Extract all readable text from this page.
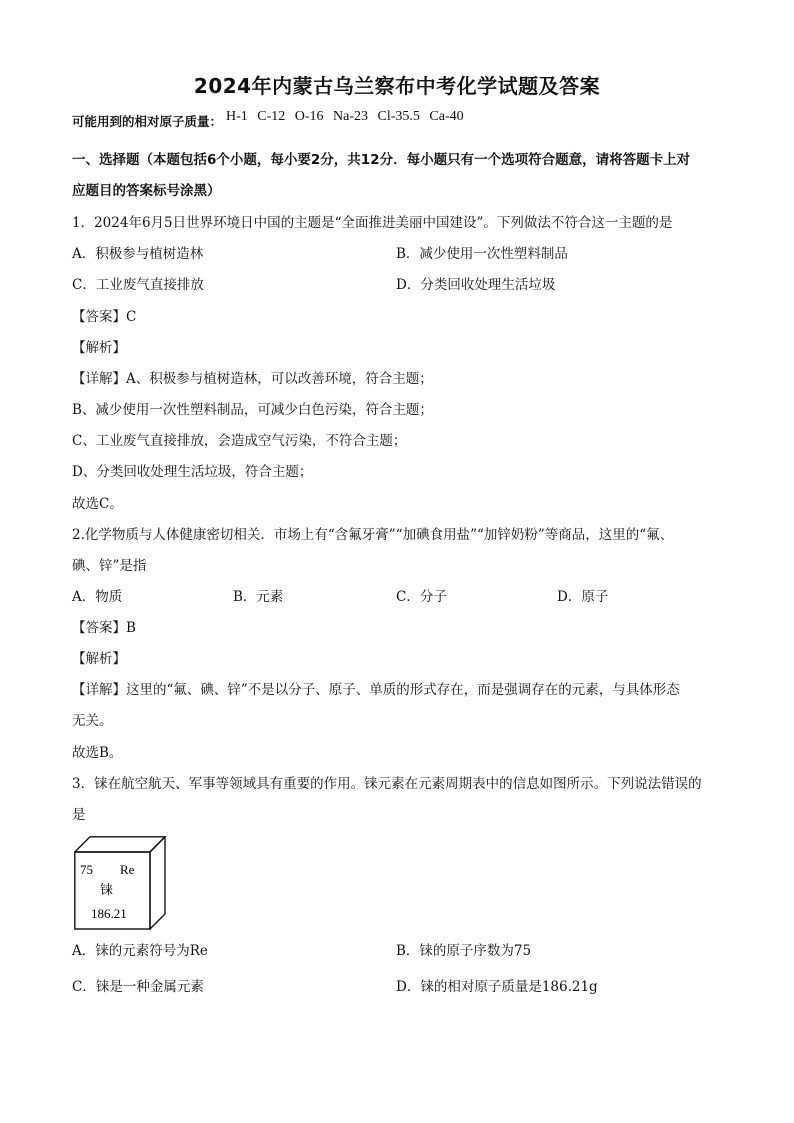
2024年内蒙古乌兰察布中考化学试题及答案
可能用到的相对原子质量： H-1 C-12 O-16 Na-23 Cl-35.5 Ca-40
一、选择题（本题包括6个小题，每小要2分，共12分．每小题只有一个选项符合题意，请将答题卡上对
应题目的答案标号涂黑）
1．2024年6月5日世界环境日中国的主题是“全面推进美丽中国建设”。下列做法不符合这一主题的是
A．积极参与植树造林	B．减少使用一次性塑料制品
C．工业废气直接排放	D．分类回收处理生活垃圾
【答案】C
【解析】
【详解】A、积极参与植树造林，可以改善环境，符合主题；
B、减少使用一次性塑料制品，可减少白色污染，符合主题；
C、工业废气直接排放，会造成空气污染，不符合主题；
D、分类回收处理生活垃圾，符合主题；
故选C。
2.化学物质与人体健康密切相关．市场上有“含氟牙膏”“加碘食用盐”“加锌奶粉”等商品，这里的“氟、
碘、锌”是指
A．物质	B．元素	C．分子	D．原子
【答案】B
【解析】
【详解】这里的“氟、碘、锌”不是以分子、原子、单质的形式存在，而是强调存在的元素，与具体形态
无关。
故选B。
3．铼在航空航天、军事等领域具有重要的作用。铼元素在元素周期表中的信息如图所示。下列说法错误的
是
75 Re
铼
186.21
A．铼的元素符号为Re	B．铼的原子序数为75
C．铼是一种金属元素	D．铼的相对原子质量是186.21g
